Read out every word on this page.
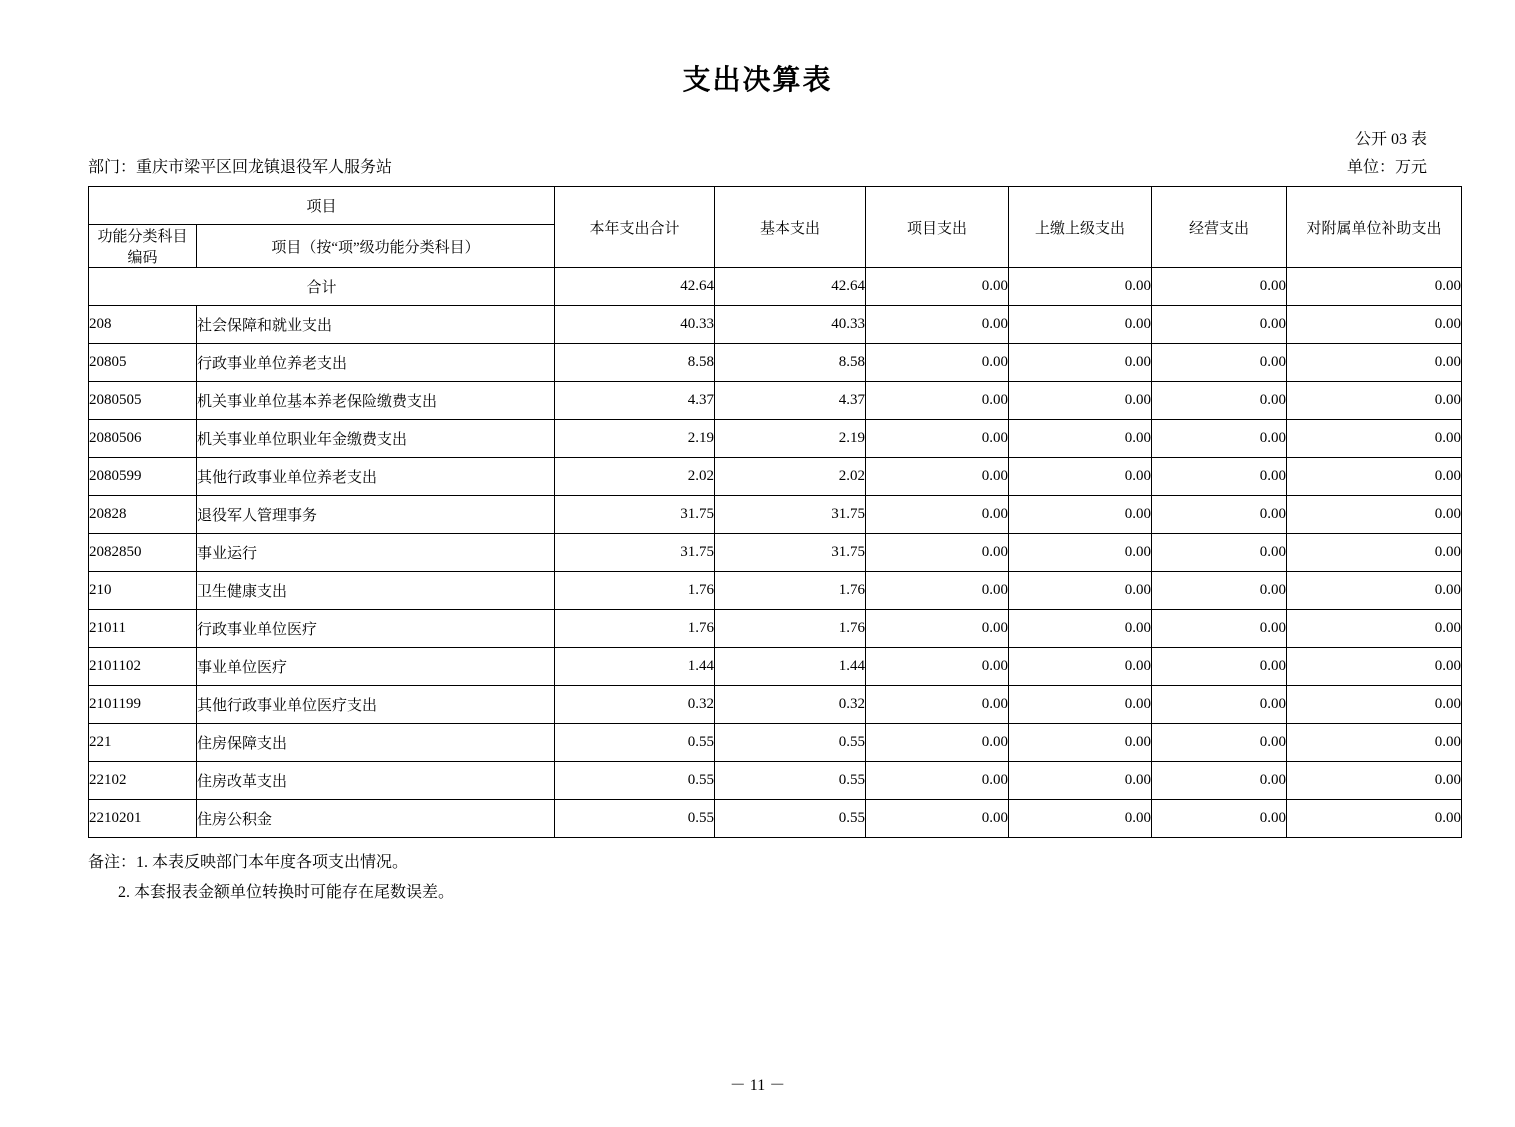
支出决算表
公开 03 表
部门：重庆市梁平区回龙镇退役军人服务站	单位：万元
项目		本年支出合计	基本支出	项目支出	上缴上级支出	经营支出	对附属单位补助支出

功能分类科目
编码	项目（按“项”级功能分类科目）						
合计		42.64	42.64	0.00	0.00	0.00	0.00
208	社会保障和就业支出	40.33	40.33	0.00	0.00	0.00	0.00
20805	行政事业单位养老支出	8.58	8.58	0.00	0.00	0.00	0.00
2080505	机关事业单位基本养老保险缴费支出	4.37	4.37	0.00	0.00	0.00	0.00
2080506	机关事业单位职业年金缴费支出	2.19	2.19	0.00	0.00	0.00	0.00
2080599	其他行政事业单位养老支出	2.02	2.02	0.00	0.00	0.00	0.00
20828	退役军人管理事务	31.75	31.75	0.00	0.00	0.00	0.00
2082850	事业运行	31.75	31.75	0.00	0.00	0.00	0.00
210	卫生健康支出	1.76	1.76	0.00	0.00	0.00	0.00
21011	行政事业单位医疗	1.76	1.76	0.00	0.00	0.00	0.00
2101102	事业单位医疗	1.44	1.44	0.00	0.00	0.00	0.00
2101199	其他行政事业单位医疗支出	0.32	0.32	0.00	0.00	0.00	0.00
221	住房保障支出	0.55	0.55	0.00	0.00	0.00	0.00
22102	住房改革支出	0.55	0.55	0.00	0.00	0.00	0.00
2210201	住房公积金	0.55	0.55	0.00	0.00	0.00	0.00
备注：1. 本表反映部门本年度各项支出情况。
2. 本套报表金额单位转换时可能存在尾数误差。
－ 11 －
